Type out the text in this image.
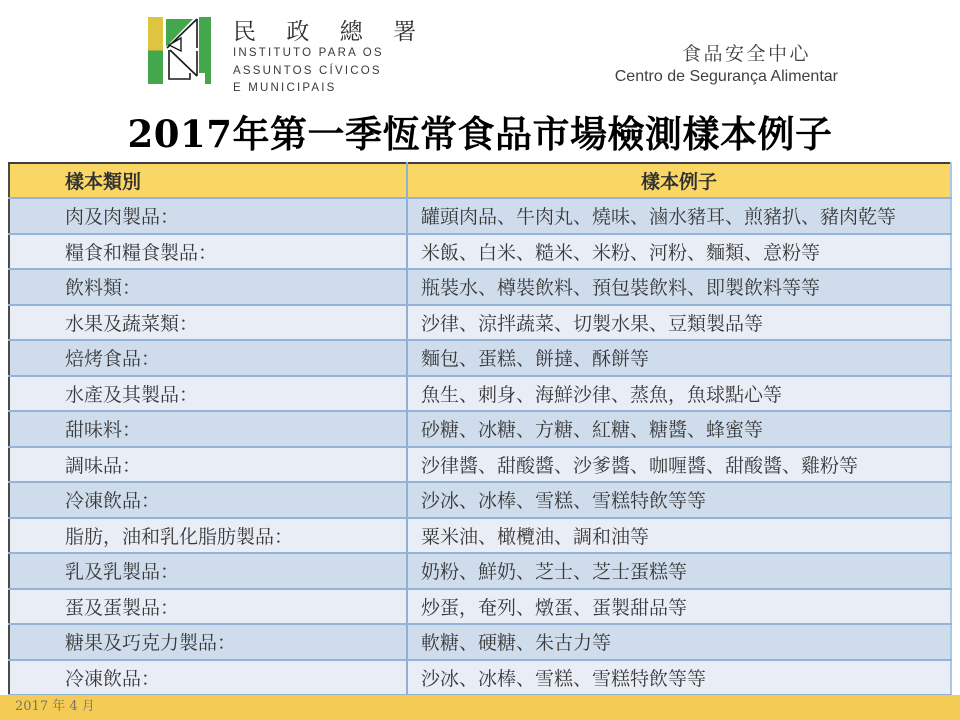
民 政 總 署
INSTITUTO PARA OS
ASSUNTOS CÍVICOS
E MUNICIPAIS
食品安全中心
Centro de Segurança Alimentar
2017年第一季恆常食品市場檢測樣本例子
樣本類別	樣本例子
肉及肉製品：	罐頭肉品、牛肉丸、燒味、滷水豬耳、煎豬扒、豬肉乾等
糧食和糧食製品：	米飯、白米、糙米、米粉、河粉、麵類、意粉等
飲料類：	瓶裝水、樽裝飲料、預包裝飲料、即製飲料等等
水果及蔬菜類：	沙律、涼拌蔬菜、切製水果、豆類製品等
焙烤食品：	麵包、蛋糕、餅撻、酥餅等
水產及其製品：	魚生、刺身、海鮮沙律、蒸魚，魚球點心等
甜味料：	砂糖、冰糖、方糖、紅糖、糖醬、蜂蜜等
調味品：	沙律醬、甜酸醬、沙爹醬、咖喱醬、甜酸醬、雞粉等
冷凍飲品：	沙冰、冰棒、雪糕、雪糕特飲等等
脂肪，油和乳化脂肪製品：	粟米油、橄欖油、調和油等
乳及乳製品：	奶粉、鮮奶、芝士、芝士蛋糕等
蛋及蛋製品：	炒蛋，奄列、燉蛋、蛋製甜品等
糖果及巧克力製品：	軟糖、硬糖、朱古力等
冷凍飲品：	沙冰、冰棒、雪糕、雪糕特飲等等
2017 年 4 月
